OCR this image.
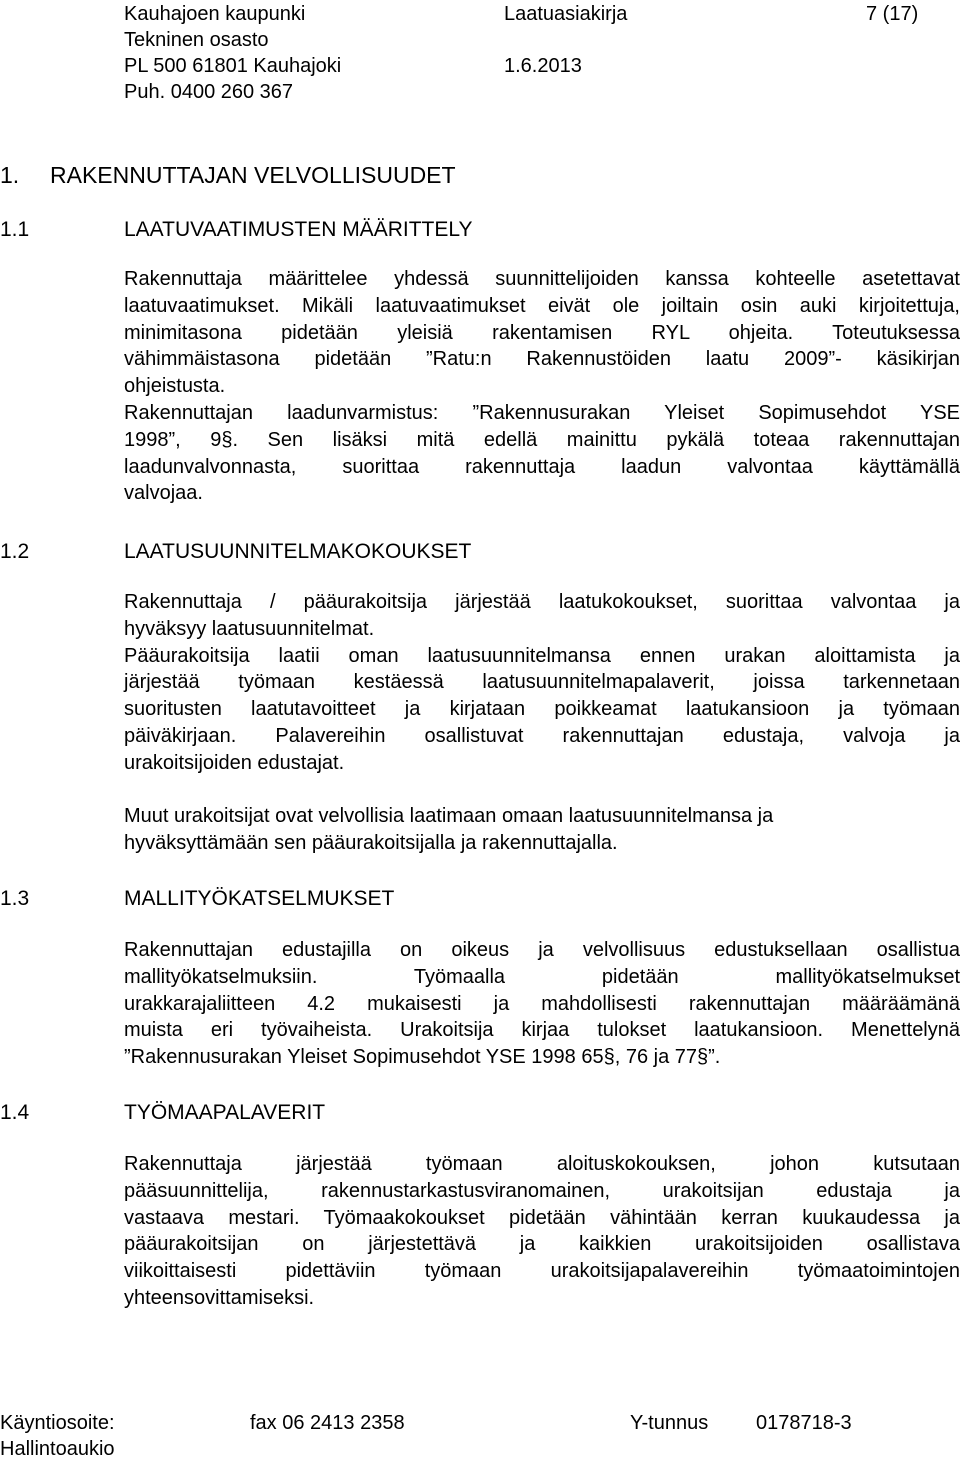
Kauhajoen kaupunki	Laatuasiakirja	7 (17)
Tekninen osasto
PL 500 61801 Kauhajoki	1.6.2013
Puh. 0400 260 367
1. RAKENNUTTAJAN VELVOLLISUUDET
1.1	LAATUVAATIMUSTEN MÄÄRITTELY
Rakennuttaja määrittelee yhdessä suunnittelijoiden kanssa kohteelle asetettavat
laatuvaatimukset. Mikäli laatuvaatimukset eivät ole joiltain osin auki kirjoitettuja,
minimitasona pidetään yleisiä rakentamisen RYL ohjeita. Toteutuksessa
vähimmäistasona pidetään ”Ratu:n Rakennustöiden laatu 2009”- käsikirjan
ohjeistusta.
Rakennuttajan laadunvarmistus: ”Rakennusurakan Yleiset Sopimusehdot YSE
1998”, 9§. Sen lisäksi mitä edellä mainittu pykälä toteaa rakennuttajan
laadunvalvonnasta, suorittaa rakennuttaja laadun valvontaa käyttämällä
valvojaa.
1.2	LAATUSUUNNITELMAKOKOUKSET
Rakennuttaja / pääurakoitsija järjestää laatukokoukset, suorittaa valvontaa ja
hyväksyy laatusuunnitelmat.
Pääurakoitsija laatii oman laatusuunnitelmansa ennen urakan aloittamista ja
järjestää työmaan kestäessä laatusuunnitelmapalaverit, joissa tarkennetaan
suoritusten laatutavoitteet ja kirjataan poikkeamat laatukansioon ja työmaan
päiväkirjaan. Palavereihin osallistuvat rakennuttajan edustaja, valvoja ja
urakoitsijoiden edustajat.
Muut urakoitsijat ovat velvollisia laatimaan omaan laatusuunnitelmansa ja
hyväksyttämään sen pääurakoitsijalla ja rakennuttajalla.
1.3	MALLITYÖKATSELMUKSET
Rakennuttajan edustajilla on oikeus ja velvollisuus edustuksellaan osallistua
mallityökatselmuksiin. Työmaalla pidetään mallityökatselmukset
urakkarajaliitteen 4.2 mukaisesti ja mahdollisesti rakennuttajan määräämänä
muista eri työvaiheista. Urakoitsija kirjaa tulokset laatukansioon. Menettelynä
”Rakennusurakan Yleiset Sopimusehdot YSE 1998 65§, 76 ja 77§”.
1.4	TYÖMAAPALAVERIT
Rakennuttaja järjestää työmaan aloituskokouksen, johon kutsutaan
pääsuunnittelija, rakennustarkastusviranomainen, urakoitsijan edustaja ja
vastaava mestari. Työmaakokoukset pidetään vähintään kerran kuukaudessa ja
pääurakoitsijan on järjestettävä ja kaikkien urakoitsijoiden osallistava
viikoittaisesti pidettäviin työmaan urakoitsijapalavereihin työmaatoimintojen
yhteensovittamiseksi.
Käyntiosoite:	fax 06 2413 2358	Y-tunnus 0178718-3
Hallintoaukio
